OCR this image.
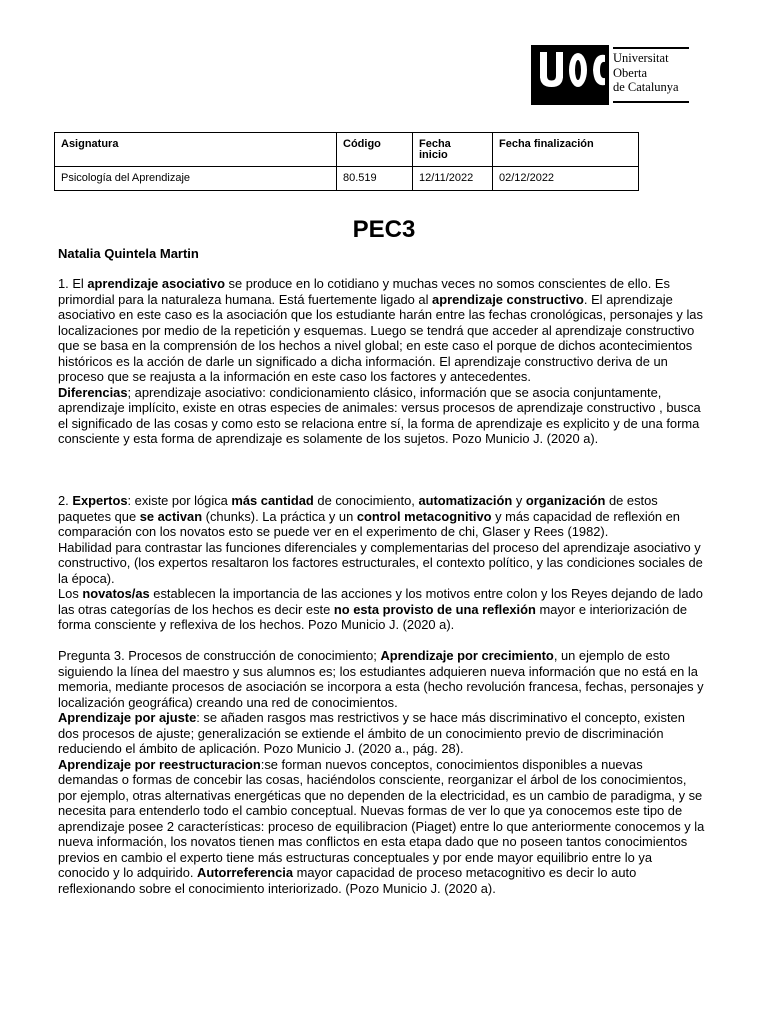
Universitat
Oberta
de Catalunya
Asignatura	Código	Fecha inicio	Fecha finalización
Psicología del Aprendizaje	80.519	12/11/2022	02/12/2022
PEC3
Natalia Quintela Martin

1. El aprendizaje asociativo se produce en lo cotidiano y muchas veces no somos conscientes de ello. Es primordial para la naturaleza humana. Está fuertemente ligado al aprendizaje constructivo. El aprendizaje asociativo en este caso es la asociación que los estudiante harán entre las fechas cronológicas, personajes y las localizaciones por medio de la repetición y esquemas. Luego se tendrá que acceder al aprendizaje constructivo que se basa en la comprensión de los hechos a nivel global; en este caso el porque de dichos acontecimientos históricos es la acción de darle un significado a dicha información. El aprendizaje constructivo deriva de un proceso que se reajusta a la información en este caso los factores y antecedentes.

Diferencias; aprendizaje asociativo: condicionamiento clásico, información que se asocia conjuntamente, aprendizaje implícito, existe en otras especies de animales: versus procesos de aprendizaje constructivo , busca el significado de las cosas y como esto se relaciona entre sí, la forma de aprendizaje es explicito y de una forma consciente y esta forma de aprendizaje es solamente de los sujetos. Pozo Municio J. (2020 a).

2. Expertos: existe por lógica más cantidad de conocimiento, automatización y organización de estos paquetes que se activan (chunks). La práctica y un control metacognitivo y más capacidad de reflexión en comparación con los novatos esto se puede ver en el experimento de chi, Glaser y Rees (1982).

Habilidad para contrastar las funciones diferenciales y complementarias del proceso del aprendizaje asociativo y constructivo, (los expertos resaltaron los factores estructurales, el contexto político, y las condiciones sociales de la época).

Los novatos/as establecen la importancia de las acciones y los motivos entre colon y los Reyes dejando de lado las otras categorías de los hechos es decir este no esta provisto de una reflexión mayor e interiorización de forma consciente y reflexiva de los hechos. Pozo Municio J. (2020 a).

Pregunta 3. Procesos de construcción de conocimiento; Aprendizaje por crecimiento, un ejemplo de esto siguiendo la línea del maestro y sus alumnos es; los estudiantes adquieren nueva información que no está en la memoria, mediante procesos de asociación se incorpora a esta (hecho revolución francesa, fechas, personajes y localización geográfica) creando una red de conocimientos.

Aprendizaje por ajuste: se añaden rasgos mas restrictivos y se hace más discriminativo el concepto, existen dos procesos de ajuste; generalización se extiende el ámbito de un conocimiento previo de discriminación reduciendo el ámbito de aplicación. Pozo Municio J. (2020 a., pág. 28).

Aprendizaje por reestructuracion:se forman nuevos conceptos, conocimientos disponibles a nuevas demandas o formas de concebir las cosas, haciéndolos consciente, reorganizar el árbol de los conocimientos, por ejemplo, otras alternativas energéticas que no dependen de la electricidad, es un cambio de paradigma, y se necesita para entenderlo todo el cambio conceptual. Nuevas formas de ver lo que ya conocemos este tipo de aprendizaje posee 2 características: proceso de equilibracion (Piaget) entre lo que anteriormente conocemos y la nueva información, los novatos tienen mas conflictos en esta etapa dado que no poseen tantos conocimientos previos en cambio el experto tiene más estructuras conceptuales y por ende mayor equilibrio entre lo ya conocido y lo adquirido. Autorreferencia mayor capacidad de proceso metacognitivo es decir lo auto reflexionando sobre el conocimiento interiorizado. (Pozo Municio J. (2020 a).
